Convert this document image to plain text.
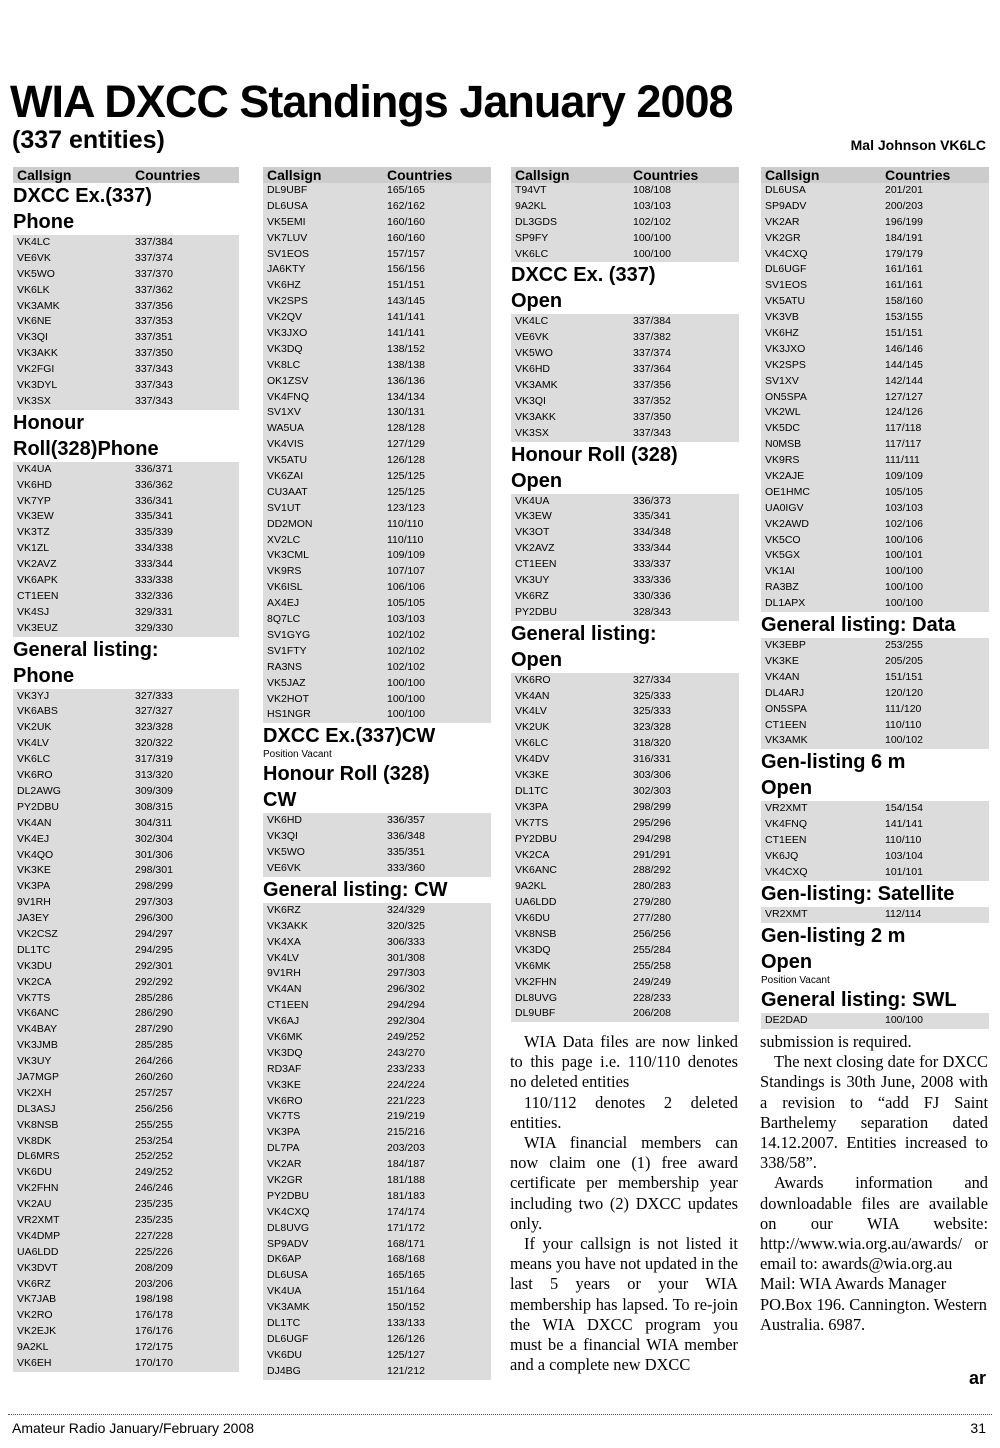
WIA DXCC Standings January 2008
(337 entities)	Mal Johnson VK6LC
Callsign	Countries
DXCC Ex.(337)
Phone
VK4LC	337/384
VE6VK	337/374
VK5WO	337/370
VK6LK	337/362
VK3AMK	337/356
VK6NE	337/353
VK3QI	337/351
VK3AKK	337/350
VK2FGI	337/343
VK3DYL	337/343
VK3SX	337/343
Honour
Roll(328)Phone
VK4UA	336/371
VK6HD	336/362
VK7YP	336/341
VK3EW	335/341
VK3TZ	335/339
VK1ZL	334/338
VK2AVZ	333/344
VK6APK	333/338
CT1EEN	332/336
VK4SJ	329/331
VK3EUZ	329/330
General listing:
Phone
VK3YJ	327/333
VK6ABS	327/327
VK2UK	323/328
VK4LV	320/322
VK6LC	317/319
VK6RO	313/320
DL2AWG	309/309
PY2DBU	308/315
VK4AN	304/311
VK4EJ	302/304
VK4QO	301/306
VK3KE	298/301
VK3PA	298/299
9V1RH	297/303
JA3EY	296/300
VK2CSZ	294/297
DL1TC	294/295
VK3DU	292/301
VK2CA	292/292
VK7TS	285/286
VK6ANC	286/290
VK4BAY	287/290
VK3JMB	285/285
VK3UY	264/266
JA7MGP	260/260
VK2XH	257/257
DL3ASJ	256/256
VK8NSB	255/255
VK8DK	253/254
DL6MRS	252/252
VK6DU	249/252
VK2FHN	246/246
VK2AU	235/235
VR2XMT	235/235
VK4DMP	227/228
UA6LDD	225/226
VK3DVT	208/209
VK6RZ	203/206
VK7JAB	198/198
VK2RO	176/178
VK2EJK	176/176
9A2KL	172/175
VK6EH	170/170
Callsign	Countries
DL9UBF	165/165
DL6USA	162/162
VK5EMI	160/160
VK7LUV	160/160
SV1EOS	157/157
JA6KTY	156/156
VK6HZ	151/151
VK2SPS	143/145
VK2QV	141/141
VK3JXO	141/141
VK3DQ	138/152
VK8LC	138/138
OK1ZSV	136/136
VK4FNQ	134/134
SV1XV	130/131
WA5UA	128/128
VK4VIS	127/129
VK5ATU	126/128
VK6ZAI	125/125
CU3AAT	125/125
SV1UT	123/123
DD2MON	110/110
XV2LC	110/110
VK3CML	109/109
VK9RS	107/107
VK6ISL	106/106
AX4EJ	105/105
8Q7LC	103/103
SV1GYG	102/102
SV1FTY	102/102
RA3NS	102/102
VK5JAZ	100/100
VK2HOT	100/100
HS1NGR	100/100
DXCC Ex.(337)CW
Position Vacant
Honour Roll (328)
CW
VK6HD	336/357
VK3QI	336/348
VK5WO	335/351
VE6VK	333/360
General listing: CW
VK6RZ	324/329
VK3AKK	320/325
VK4XA	306/333
VK4LV	301/308
9V1RH	297/303
VK4AN	296/302
CT1EEN	294/294
VK6AJ	292/304
VK6MK	249/252
VK3DQ	243/270
RD3AF	233/233
VK3KE	224/224
VK6RO	221/223
VK7TS	219/219
VK3PA	215/216
DL7PA	203/203
VK2AR	184/187
VK2GR	181/188
PY2DBU	181/183
VK4CXQ	174/174
DL8UVG	171/172
SP9ADV	168/171
DK6AP	168/168
DL6USA	165/165
VK4UA	151/164
VK3AMK	150/152
DL1TC	133/133
DL6UGF	126/126
VK6DU	125/127
DJ4BG	121/212
Callsign	Countries
T94VT	108/108
9A2KL	103/103
DL3GDS	102/102
SP9FY	100/100
VK6LC	100/100
DXCC Ex. (337)
Open
VK4LC	337/384
VE6VK	337/382
VK5WO	337/374
VK6HD	337/364
VK3AMK	337/356
VK3QI	337/352
VK3AKK	337/350
VK3SX	337/343
Honour Roll (328)
Open
VK4UA	336/373
VK3EW	335/341
VK3OT	334/348
VK2AVZ	333/344
CT1EEN	333/337
VK3UY	333/336
VK6RZ	330/336
PY2DBU	328/343
General listing:
Open
VK6RO	327/334
VK4AN	325/333
VK4LV	325/333
VK2UK	323/328
VK6LC	318/320
VK4DV	316/331
VK3KE	303/306
DL1TC	302/303
VK3PA	298/299
VK7TS	295/296
PY2DBU	294/298
VK2CA	291/291
VK6ANC	288/292
9A2KL	280/283
UA6LDD	279/280
VK6DU	277/280
VK8NSB	256/256
VK3DQ	255/284
VK6MK	255/258
VK2FHN	249/249
DL8UVG	228/233
DL9UBF	206/208
Callsign	Countries
DL6USA	201/201
SP9ADV	200/203
VK2AR	196/199
VK2GR	184/191
VK4CXQ	179/179
DL6UGF	161/161
SV1EOS	161/161
VK5ATU	158/160
VK3VB	153/155
VK6HZ	151/151
VK3JXO	146/146
VK2SPS	144/145
SV1XV	142/144
ON5SPA	127/127
VK2WL	124/126
VK5DC	117/118
N0MSB	117/117
VK9RS	111/111
VK2AJE	109/109
OE1HMC	105/105
UA0IGV	103/103
VK2AWD	102/106
VK5CO	100/106
VK5GX	100/101
VK1AI	100/100
RA3BZ	100/100
DL1APX	100/100
General listing: Data
VK3EBP	253/255
VK3KE	205/205
VK4AN	151/151
DL4ARJ	120/120
ON5SPA	111/120
CT1EEN	110/110
VK3AMK	100/102
Gen-listing 6 m
Open
VR2XMT	154/154
VK4FNQ	141/141
CT1EEN	110/110
VK6JQ	103/104
VK4CXQ	101/101
Gen-listing: Satellite
VR2XMT	112/114
Gen-listing 2 m
Open
Position Vacant
General listing: SWL
DE2DAD	100/100

WIA Data files are now linked to this page i.e. 110/110 denotes no deleted entities

110/112 denotes 2 deleted entities.

WIA financial members can now claim one (1) free award certificate per membership year including two (2) DXCC updates only.

If your callsign is not listed it means you have not updated in the last 5 years or your WIA membership has lapsed. To re-join the WIA DXCC program you must be a financial WIA member and a complete new DXCC

submission is required.

The next closing date for DXCC Standings is 30th June, 2008 with a revision to “add FJ Saint Barthelemy separation dated 14.12.2007. Entities increased to 338/58”.

Awards information and downloadable files are available on our WIA website: http://www.wia.org.au/awards/ or email to: awards@wia.org.au

Mail: WIA Awards Manager PO.Box 196. Cannington. Western Australia. 6987.

ar
Amateur Radio January/February 2008	31
